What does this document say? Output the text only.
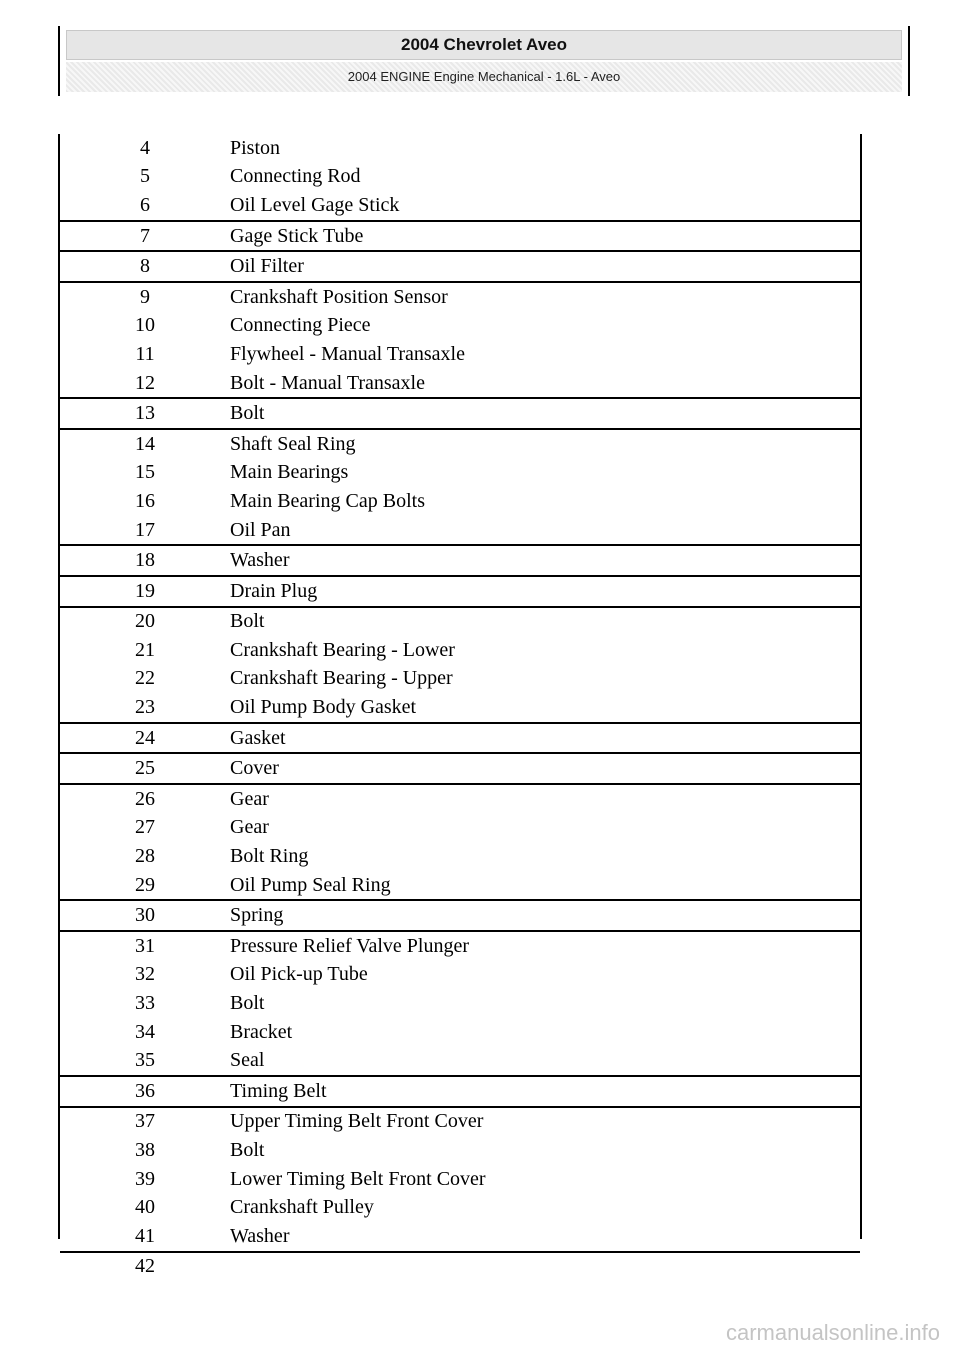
2004 Chevrolet Aveo
2004 ENGINE Engine Mechanical - 1.6L - Aveo
4	Piston
5	Connecting Rod
6	Oil Level Gage Stick
7	Gage Stick Tube
8	Oil Filter
9	Crankshaft Position Sensor
10	Connecting Piece
11	Flywheel - Manual Transaxle
12	Bolt - Manual Transaxle
13	Bolt
14	Shaft Seal Ring
15	Main Bearings
16	Main Bearing Cap Bolts
17	Oil Pan
18	Washer
19	Drain Plug
20	Bolt
21	Crankshaft Bearing - Lower
22	Crankshaft Bearing - Upper
23	Oil Pump Body Gasket
24	Gasket
25	Cover
26	Gear
27	Gear
28	Bolt Ring
29	Oil Pump Seal Ring
30	Spring
31	Pressure Relief Valve Plunger
32	Oil Pick-up Tube
33	Bolt
34	Bracket
35	Seal
36	Timing Belt
37	Upper Timing Belt Front Cover
38	Bolt
39	Lower Timing Belt Front Cover
40	Crankshaft Pulley
41	Washer
42
carmanualsonline.info
